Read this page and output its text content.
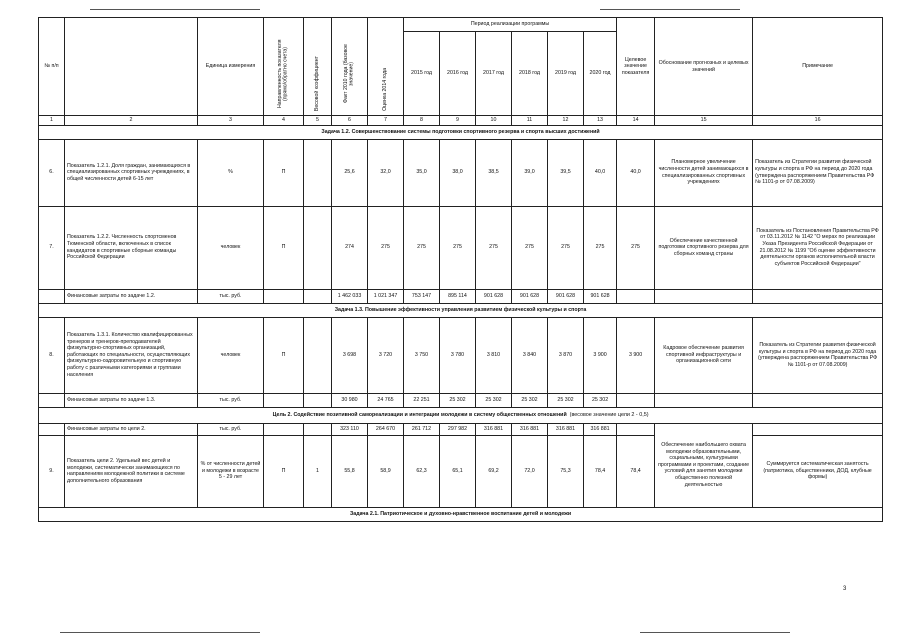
№ п/п		Единица измерения	Направленность показателя (прямо/обратно счета)	Весовой коэффициент	Факт 2010 года (базовое значение)	Оценка 2014 года	Период реализации программы						Целевое значение показателя	Обоснование прогнозных и целевых значений	Примечание
							2015 год	2016 год	2017 год	2018 год	2019 год	2020 год			
1	2	3	4	5	6	7	8	9	10	11	12	13	14	15	16
Задача 1.2. Совершенствование системы подготовки спортивного резерва и спорта высших достижений															
6.	Показатель 1.2.1. Доля граждан, занимающихся в специализированных спортивных учреждениях, в общей численности детей 6-15 лет	%	П		25,6	32,0	35,0	38,0	38,5	39,0	39,5	40,0	40,0	Планомерное увеличение численности детей занимающихся в специализированных спортивных учреждениях	Показатель из Стратегии развития физической культуры и спорта в РФ на период до 2020 года (утверждена распоряжением Правительства РФ № 1101-р от 07.08.2009)
7.	Показатель 1.2.2. Численность спортсменов Тюменской области, включенных в список кандидатов в спортивные сборные команды Российской Федерации	человек	П		274	275	275	275	275	275	275	275	275	Обеспечение качественной подготовки спортивного резерва для сборных команд страны	Показатель из Постановления Правительства РФ от 03.11.2012 № 1142 "О мерах по реализации Указа Президента Российской Федерации от 21.08.2012 № 1199 "Об оценке эффективности деятельности органов исполнительной власти субъектов Российской Федерации"
	Финансовые затраты по задаче 1.2.	тыс. руб.			1 462 033	1 021 347	753 147	895 114	901 628	901 628	901 628	901 628			
Задача 1.3. Повышение эффективности управления развитием физической культуры и спорта															
8.	Показатель 1.3.1. Количество квалифицированных тренеров и тренеров-преподавателей физкультурно-спортивных организаций, работающих по специальности, осуществляющих физкультурно-оздоровительную и спортивную работу с различными категориями и группами населения	человек	П		3 698	3 720	3 750	3 780	3 810	3 840	3 870	3 900	3 900	Кадровое обеспечение развития спортивной инфраструктуры и организационной сети	Показатель из Стратегии развития физической культуры и спорта в РФ на период до 2020 года (утверждена распоряжением Правительства РФ № 1101-р от 07.08.2009)
	Финансовые затраты по задаче 1.3.	тыс. руб.			30 980	24 765	22 251	25 302	25 302	25 302	25 302	25 302			
Цель 2. Содействие позитивной самореализации и интеграции молодежи в систему общественных отношений (весовое значение цели 2 - 0,5)															
	Финансовые затраты по цели 2.	тыс. руб.			323 110	264 670	261 712	297 982	316 881	316 881	316 881	316 881		Обеспечение наибольшего охвата молодежи образовательными, социальными, культурными программами и проектами, создание условий для занятия молодежи общественно полезной деятельностью	
9.	Показатель цели 2. Удельный вес детей и молодежи, систематически занимающихся по направлениям молодежной политики в системе дополнительного образования	% от численности детей и молодежи в возрасте 5 - 29 лет	П	1	55,8	58,9	62,3	65,1	69,2	72,0	75,3	78,4	78,4		Суммируется систематическая занятость (патриотика, общественники, ДОД, клубные формы)
Задача 2.1. Патриотическое и духовно-нравственное воспитание детей и молодежи															
3
